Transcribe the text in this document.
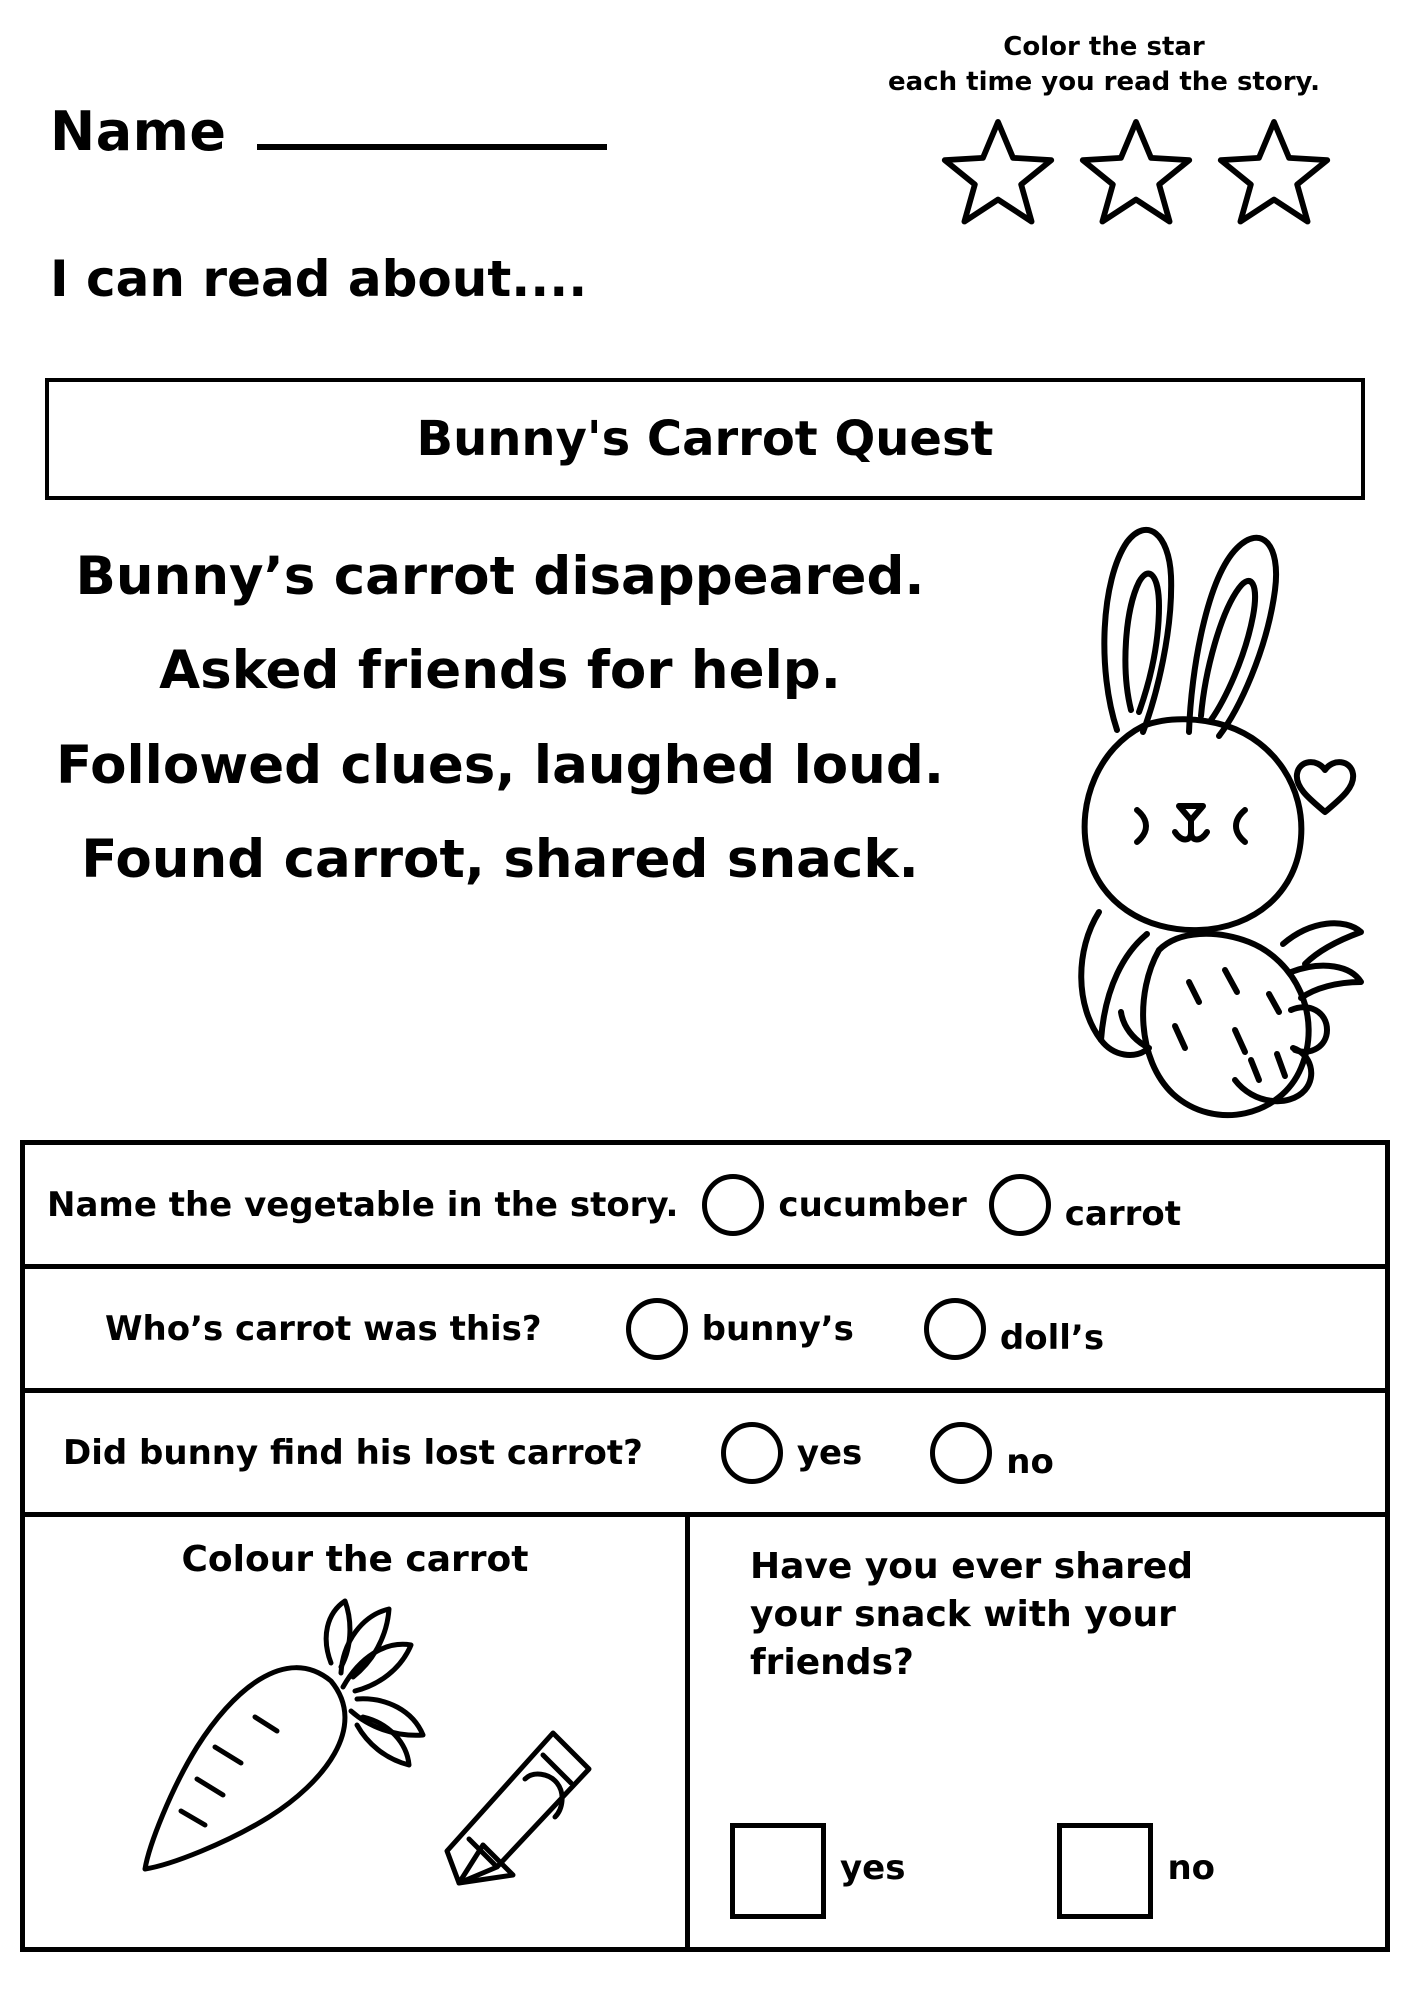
Name
I can read about....
Color the star
each time you read the story.
Bunny's Carrot Quest
Bunny’s carrot disappeared. Asked friends for help. Followed clues, laughed loud. Found carrot, shared snack.
Name the vegetable in the story.	cucumber	carrot
Who’s carrot was this?	bunny’s	doll’s
Did bunny find his lost carrot?	yes	no
Colour the carrot	Have you ever shared your snack with your friends?
yes	no
